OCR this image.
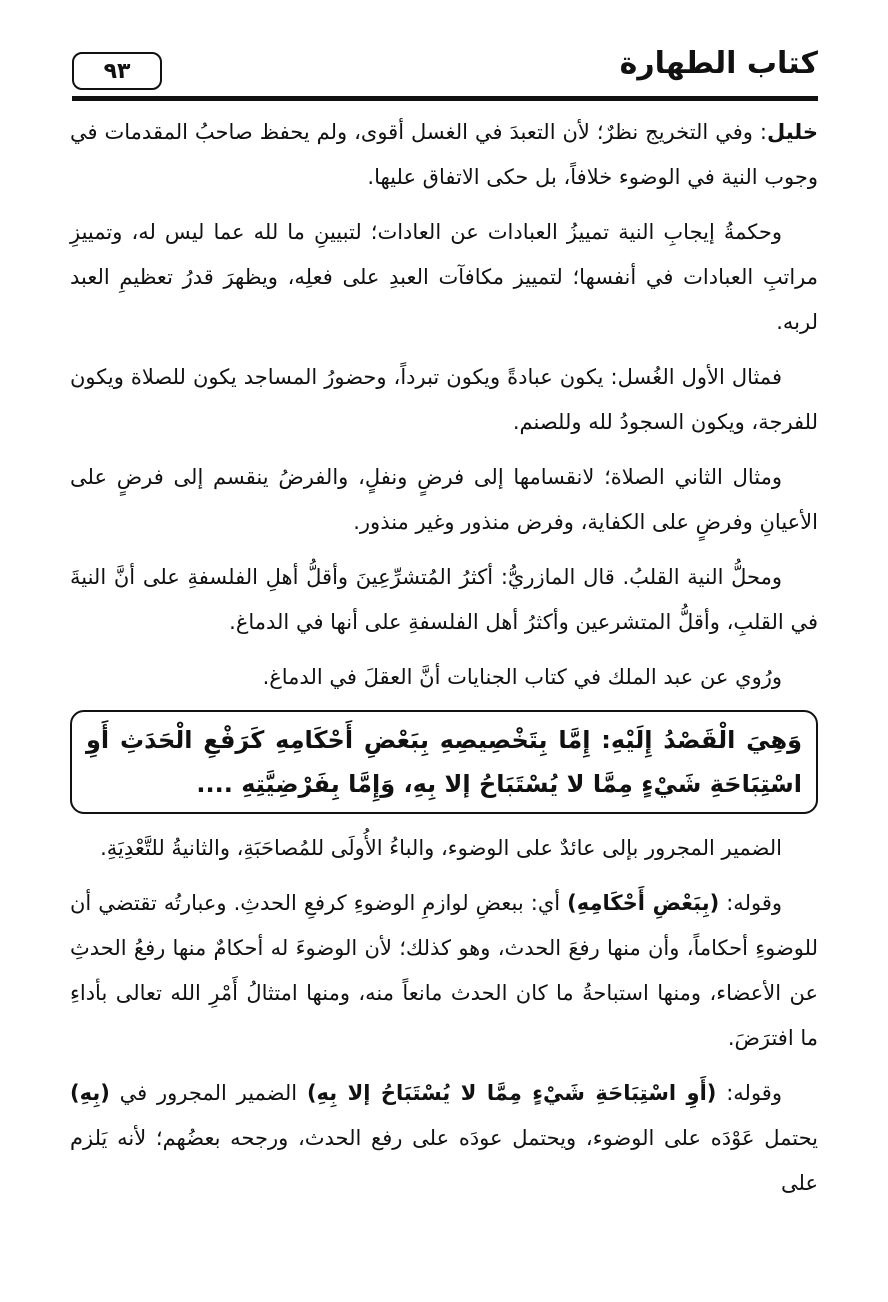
كتاب الطهارة
٩٣

خليل: وفي التخريج نظرٌ؛ لأن التعبدَ في الغسل أقوى، ولم يحفظ صاحبُ المقدمات في وجوب النية في الوضوء خلافاً، بل حكى الاتفاق عليها.

وحكمةُ إيجابِ النية تمييزُ العبادات عن العادات؛ لتبيينِ ما لله عما ليس له، وتمييزِ مراتبِ العبادات في أنفسها؛ لتمييز مكافآت العبدِ على فعلِه، ويظهرَ قدرُ تعظيمِ العبد لربه.

فمثال الأول الغُسل: يكون عبادةً ويكون تبرداً، وحضورُ المساجد يكون للصلاة ويكون للفرجة، ويكون السجودُ لله وللصنم.

ومثال الثاني الصلاة؛ لانقسامها إلى فرضٍ ونفلٍ، والفرضُ ينقسم إلى فرضٍ على الأعيانِ وفرضٍ على الكفاية، وفرض منذور وغير منذور.

ومحلُّ النية القلبُ. قال المازريُّ: أكثرُ المُتشرِّعِينَ وأقلُّ أهلِ الفلسفةِ على أنَّ النيةَ في القلبِ، وأقلُّ المتشرعين وأكثرُ أهل الفلسفةِ على أنها في الدماغ.

ورُوي عن عبد الملك في كتاب الجنايات أنَّ العقلَ في الدماغ.

وَهِيَ الْقَصْدُ إِلَيْهِ: إِمَّا بِتَخْصِيصِهِ بِبَعْضِ أَحْكَامِهِ كَرَفْعِ الْحَدَثِ أَوِ اسْتِبَاحَةِ شَيْءٍ مِمَّا لا يُسْتَبَاحُ إلا بِهِ، وَإِمَّا بِفَرْضِيَّتِهِ ....

الضمير المجرور بإلى عائدٌ على الوضوء، والباءُ الأُولَى للمُصاحَبَةِ، والثانيةُ للتَّعْدِيَةِ.

وقوله: (بِبَعْضِ أَحْكَامِهِ) أي: ببعضِ لوازمِ الوضوءِ كرفعِ الحدثِ. وعبارتُه تقتضي أن للوضوءِ أحكاماً، وأن منها رفعَ الحدث، وهو كذلك؛ لأن الوضوءَ له أحكامٌ منها رفعُ الحدثِ عن الأعضاء، ومنها استباحةُ ما كان الحدث مانعاً منه، ومنها امتثالُ أَمْرِ الله تعالى بأداءِ ما افترَضَ.

وقوله: (أَوِ اسْتِبَاحَةِ شَيْءٍ مِمَّا لا يُسْتَبَاحُ إلا بِهِ) الضمير المجرور في (بِهِ) يحتمل عَوْدَه على الوضوء، ويحتمل عودَه على رفع الحدث، ورجحه بعضُهم؛ لأنه يَلزم على
